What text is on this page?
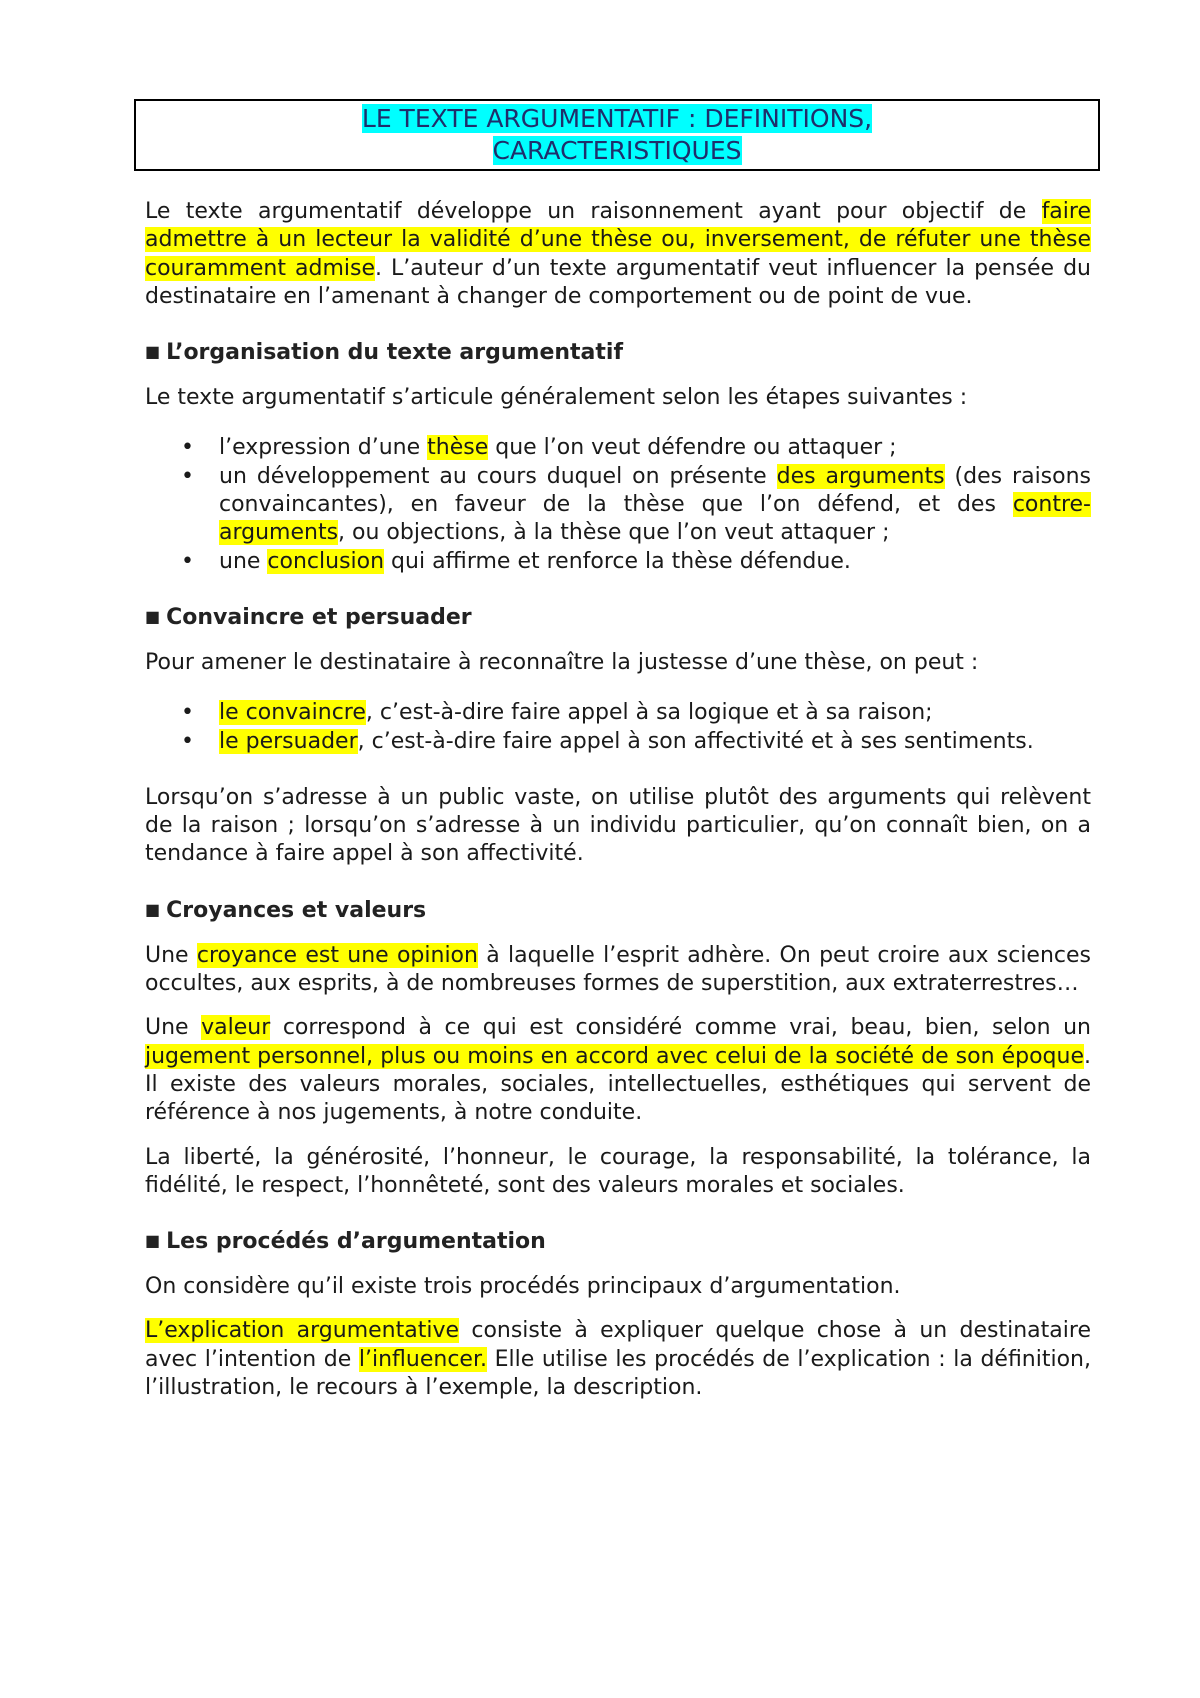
LE TEXTE ARGUMENTATIF : DEFINITIONS,
CARACTERISTIQUES

Le texte argumentatif développe un raisonnement ayant pour objectif de faire admettre à un lecteur la validité d’une thèse ou, inversement, de réfuter une thèse couramment admise. L’auteur d’un texte argumentatif veut influencer la pensée du destinataire en l’amenant à changer de comportement ou de point de vue.

■ L’organisation du texte argumentatif

Le texte argumentatif s’articule généralement selon les étapes suivantes :

• l’expression d’une thèse que l’on veut défendre ou attaquer ;
• un développement au cours duquel on présente des arguments (des raisons convaincantes), en faveur de la thèse que l’on défend, et des contre-arguments, ou objections, à la thèse que l’on veut attaquer ;
• une conclusion qui affirme et renforce la thèse défendue.
■ Convaincre et persuader

Pour amener le destinataire à reconnaître la justesse d’une thèse, on peut :

• le convaincre, c’est-à-dire faire appel à sa logique et à sa raison;
• le persuader, c’est-à-dire faire appel à son affectivité et à ses sentiments.

Lorsqu’on s’adresse à un public vaste, on utilise plutôt des arguments qui relèvent de la raison ; lorsqu’on s’adresse à un individu particulier, qu’on connaît bien, on a tendance à faire appel à son affectivité.

■ Croyances et valeurs

Une croyance est une opinion à laquelle l’esprit adhère. On peut croire aux sciences occultes, aux esprits, à de nombreuses formes de superstition, aux extraterrestres…

Une valeur correspond à ce qui est considéré comme vrai, beau, bien, selon un jugement personnel, plus ou moins en accord avec celui de la société de son époque. Il existe des valeurs morales, sociales, intellectuelles, esthétiques qui servent de référence à nos jugements, à notre conduite.

La liberté, la générosité, l’honneur, le courage, la responsabilité, la tolérance, la fidélité, le respect, l’honnêteté, sont des valeurs morales et sociales.

■ Les procédés d’argumentation

On considère qu’il existe trois procédés principaux d’argumentation.

L’explication argumentative consiste à expliquer quelque chose à un destinataire avec l’intention de l’influencer. Elle utilise les procédés de l’explication : la définition, l’illustration, le recours à l’exemple, la description.
